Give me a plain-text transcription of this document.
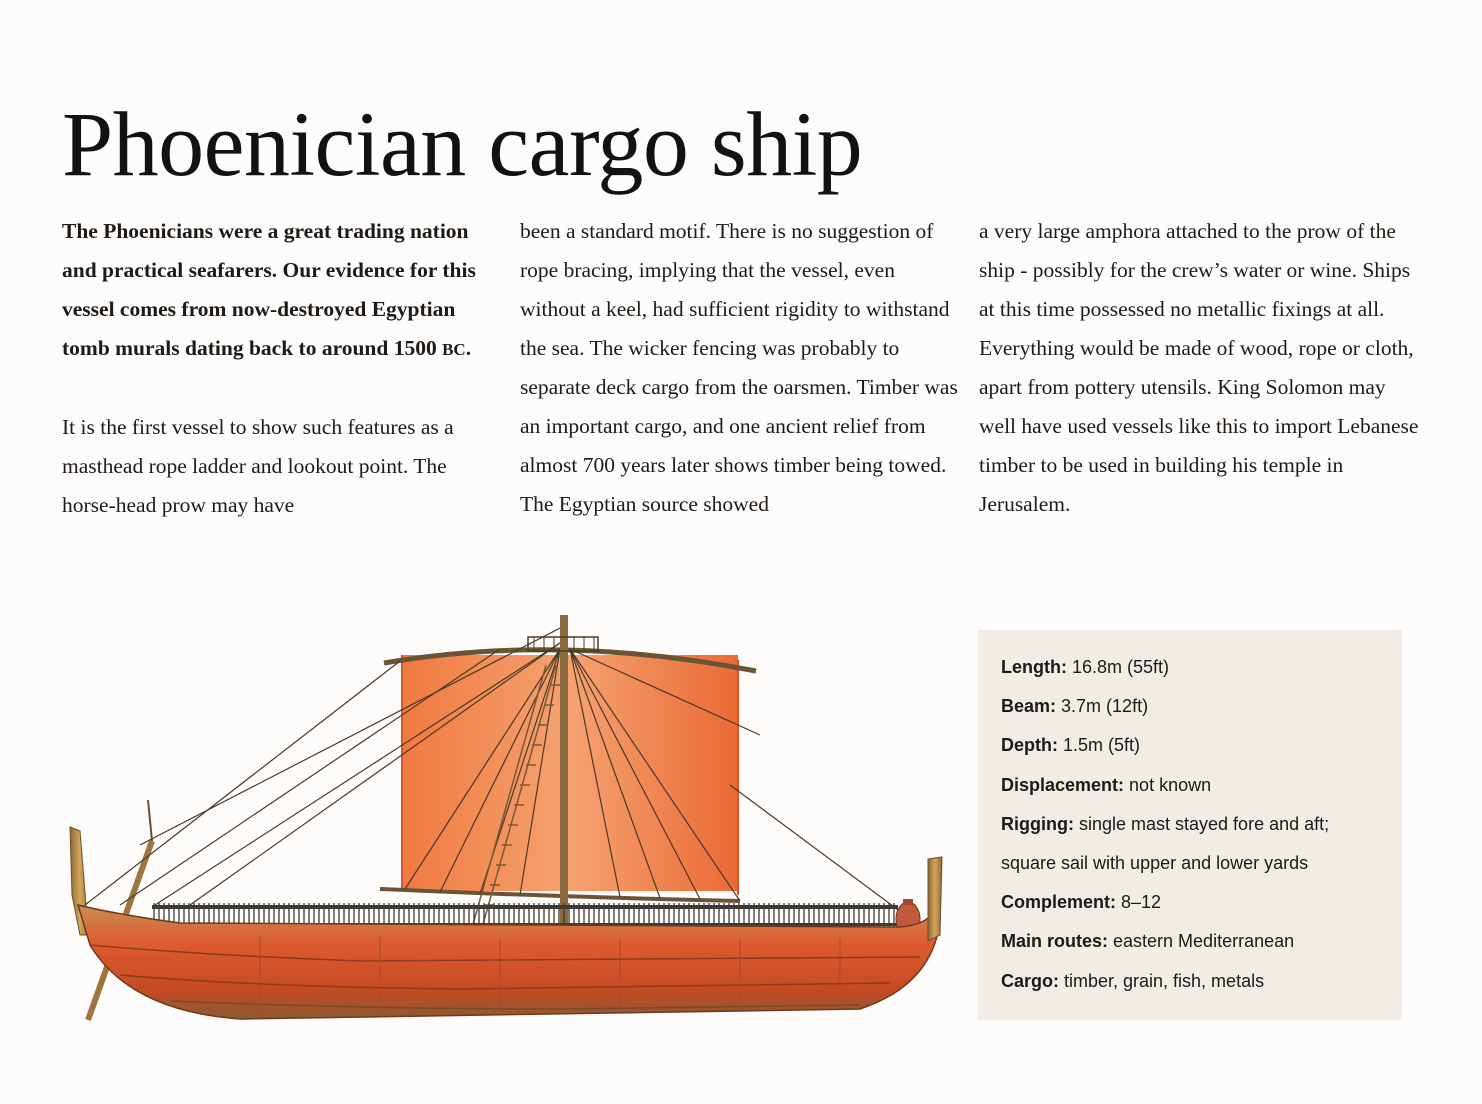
Phoenician cargo ship

The Phoenicians were a great trading nation and practical seafarers. Our evidence for this vessel comes from now-destroyed Egyptian tomb murals dating back to around 1500 BC.

It is the first vessel to show such features as a masthead rope ladder and lookout point. The horse-head prow may have

been a standard motif. There is no suggestion of rope bracing, implying that the vessel, even without a keel, had sufficient rigidity to withstand the sea. The wicker fencing was probably to separate deck cargo from the oarsmen. Timber was an important cargo, and one ancient relief from almost 700 years later shows timber being towed. The Egyptian source showed

a very large amphora attached to the prow of the ship - possibly for the crew’s water or wine. Ships at this time possessed no metallic fixings at all. Everything would be made of wood, rope or cloth, apart from pottery utensils. King Solomon may well have used vessels like this to import Lebanese timber to be used in building his temple in Jerusalem.

Length: 16.8m (55ft)
Beam: 3.7m (12ft)
Depth: 1.5m (5ft)
Displacement: not known
Rigging: single mast stayed fore and aft;
square sail with upper and lower yards
Complement: 8–12
Main routes: eastern Mediterranean
Cargo: timber, grain, fish, metals
